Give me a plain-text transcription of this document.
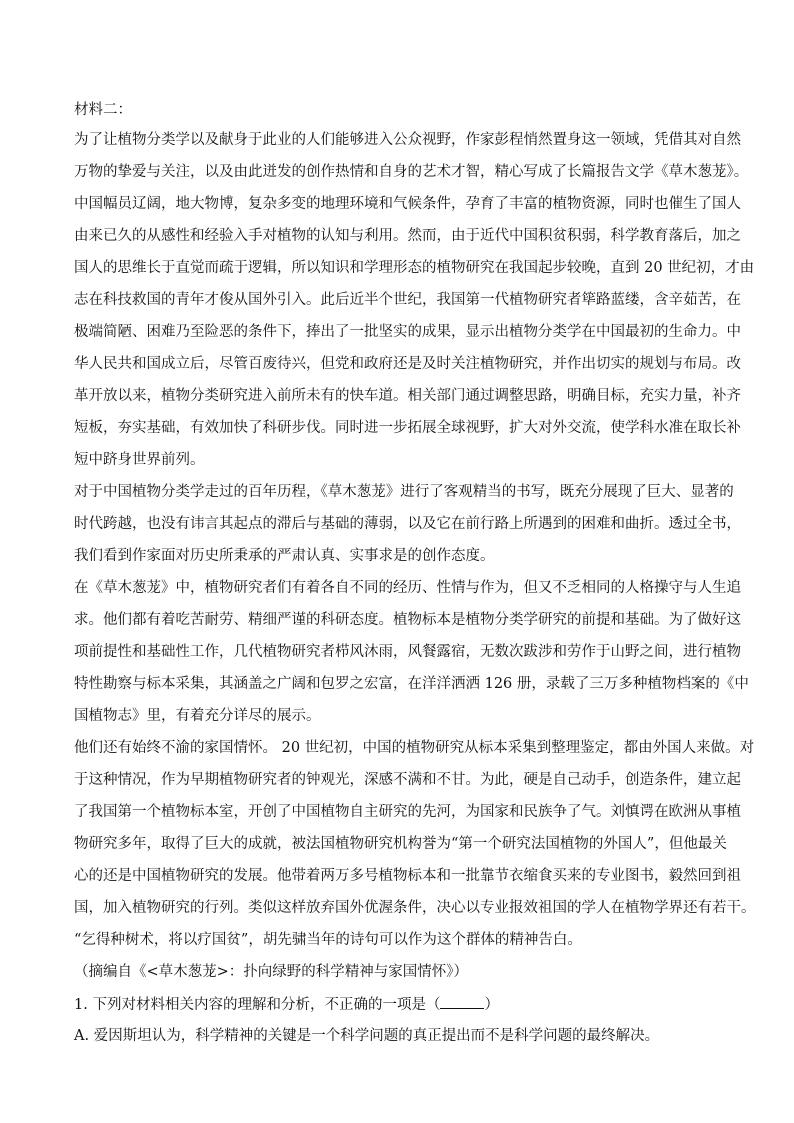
材料二：
为了让植物分类学以及献身于此业的人们能够进入公众视野，作家彭程悄然置身这一领域，凭借其对自然
万物的挚爱与关注，以及由此迸发的创作热情和自身的艺术才智，精心写成了长篇报告文学《草木葱茏》。
中国幅员辽阔，地大物博，复杂多变的地理环境和气候条件，孕育了丰富的植物资源，同时也催生了国人
由来已久的从感性和经验入手对植物的认知与利用。然而，由于近代中国积贫积弱，科学教育落后，加之
国人的思维长于直觉而疏于逻辑，所以知识和学理形态的植物研究在我国起步较晚，直到 20 世纪初，才由
志在科技救国的青年才俊从国外引入。此后近半个世纪，我国第一代植物研究者筚路蓝缕，含辛茹苦，在
极端简陋、困难乃至险恶的条件下，捧出了一批坚实的成果，显示出植物分类学在中国最初的生命力。中
华人民共和国成立后，尽管百废待兴，但党和政府还是及时关注植物研究，并作出切实的规划与布局。改
革开放以来，植物分类研究进入前所未有的快车道。相关部门通过调整思路，明确目标，充实力量，补齐
短板，夯实基础，有效加快了科研步伐。同时进一步拓展全球视野，扩大对外交流，使学科水准在取长补
短中跻身世界前列。
对于中国植物分类学走过的百年历程，《草木葱茏》进行了客观精当的书写，既充分展现了巨大、显著的
时代跨越，也没有讳言其起点的滞后与基础的薄弱，以及它在前行路上所遇到的困难和曲折。透过全书，
我们看到作家面对历史所秉承的严肃认真、实事求是的创作态度。
在《草木葱茏》中，植物研究者们有着各自不同的经历、性情与作为，但又不乏相同的人格操守与人生追
求。他们都有着吃苦耐劳、精细严谨的科研态度。植物标本是植物分类学研究的前提和基础。为了做好这
项前提性和基础性工作，几代植物研究者栉风沐雨，风餐露宿，无数次跋涉和劳作于山野之间，进行植物
特性勘察与标本采集，其涵盖之广阔和包罗之宏富，在洋洋洒洒 126 册，录载了三万多种植物档案的《中
国植物志》里，有着充分详尽的展示。
他们还有始终不渝的家国情怀。 20 世纪初，中国的植物研究从标本采集到整理鉴定，都由外国人来做。对
于这种情况，作为早期植物研究者的钟观光，深感不满和不甘。为此，硬是自己动手，创造条件，建立起
了我国第一个植物标本室，开创了中国植物自主研究的先河，为国家和民族争了气。刘慎谔在欧洲从事植
物研究多年，取得了巨大的成就，被法国植物研究机构誉为“第一个研究法国植物的外国人”，但他最关
心的还是中国植物研究的发展。他带着两万多号植物标本和一批靠节衣缩食买来的专业图书，毅然回到祖
国，加入植物研究的行列。类似这样放弃国外优渥条件，决心以专业报效祖国的学人在植物学界还有若干。
“乞得种树术，将以疗国贫”，胡先骕当年的诗句可以作为这个群体的精神告白。
（摘编自《<草木葱茏>：扑向绿野的科学精神与家国情怀》）
1. 下列对材料相关内容的理解和分析，不正确的一项是（	）
A. 爱因斯坦认为，科学精神的关键是一个科学问题的真正提出而不是科学问题的最终解决。
